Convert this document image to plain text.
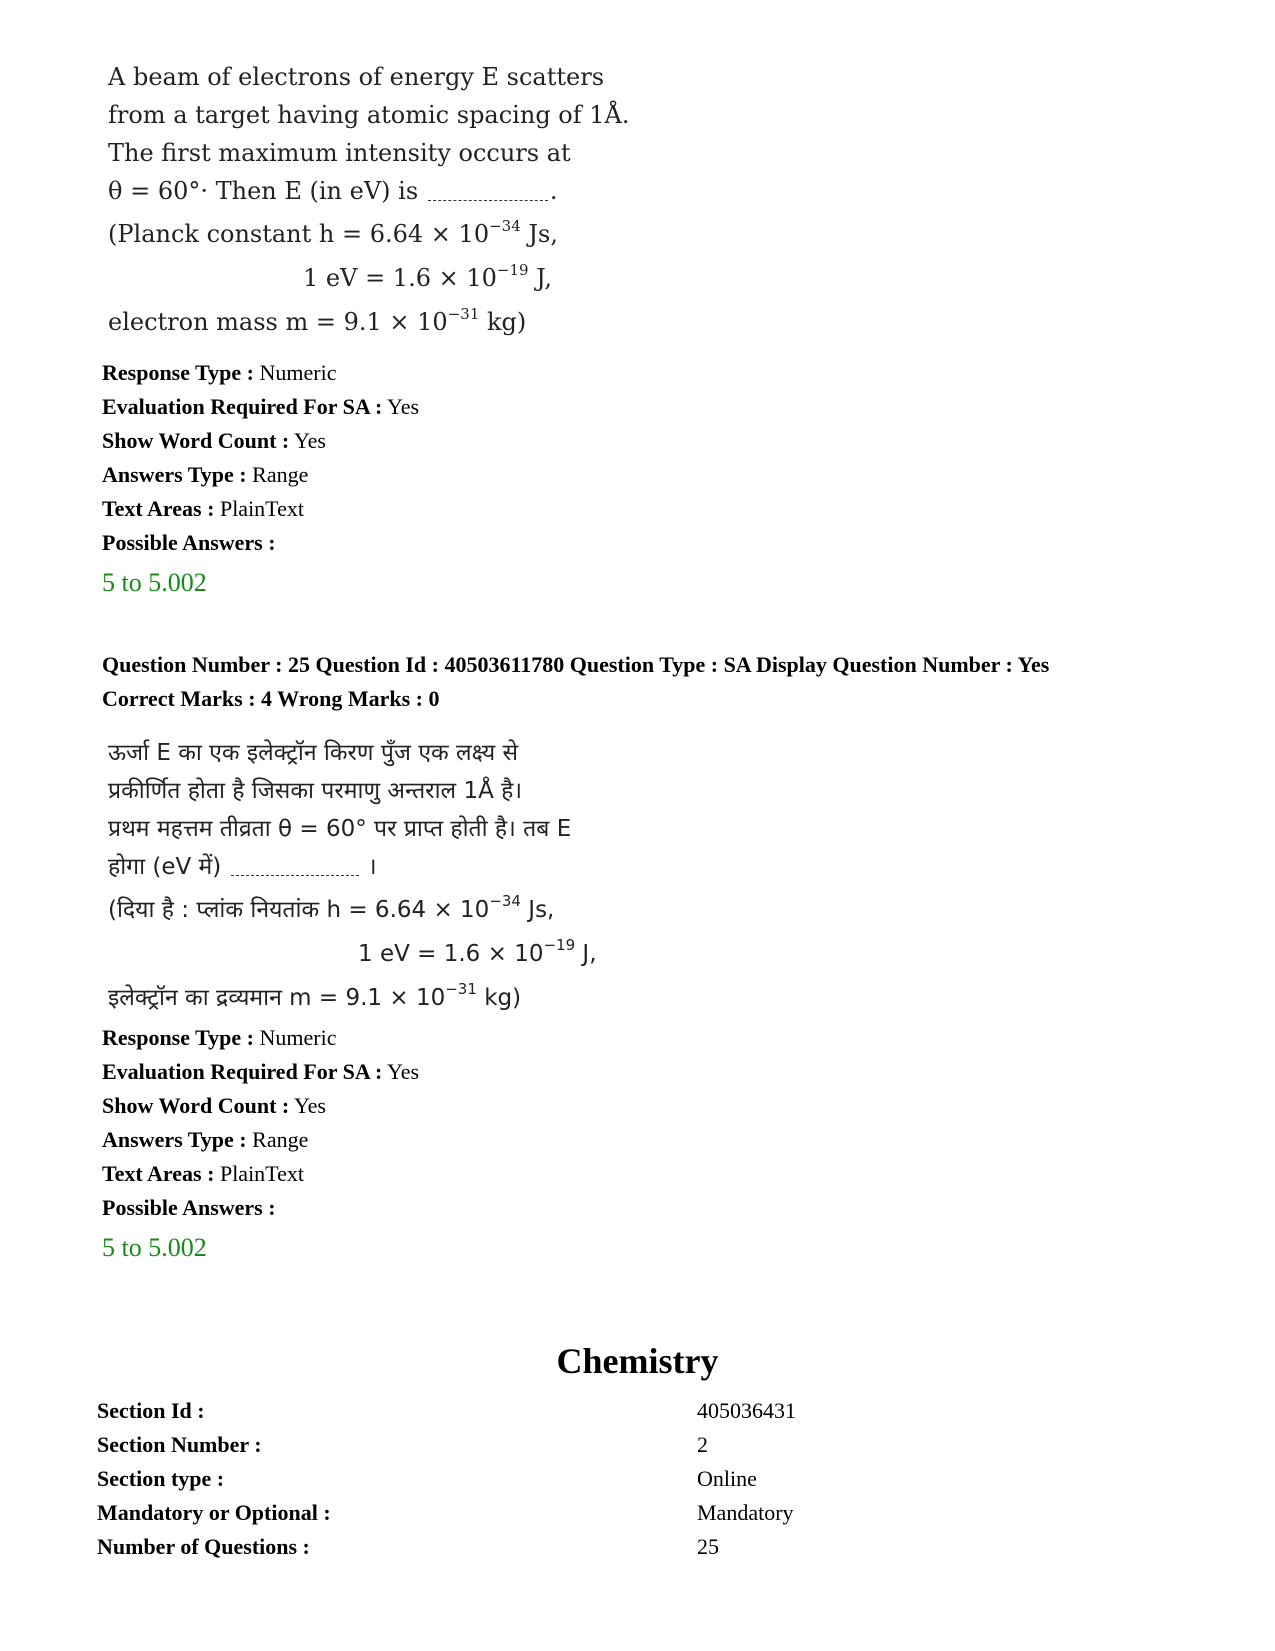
A beam of electrons of energy E scatters
from a target having atomic spacing of 1Å.
The first maximum intensity occurs at
θ = 60°· Then E (in eV) is	.
(Planck constant $h = 6.64 \times 10^{-34}$ Js,
1 eV = $1.6 \times 10^{-19}$ J,
electron mass $m = 9.1 \times 10^{-31}$ kg)
Response Type : Numeric
Evaluation Required For SA : Yes
Show Word Count : Yes
Answers Type : Range
Text Areas : PlainText
Possible Answers :
5 to 5.002
Question Number : 25 Question Id : 40503611780 Question Type : SA Display Question Number : Yes
Correct Marks : 4 Wrong Marks : 0
ऊर्जा E का एक इलेक्ट्रॉन किरण पुँज एक लक्ष्य से
प्रकीर्णित होता है जिसका परमाणु अन्तराल 1Å है।
प्रथम महत्तम तीव्रता θ = 60° पर प्राप्त होती है। तब E
होगा (eV में)	।
(दिया है : प्लांक नियतांक $h = 6.64 \times 10^{-34}$ Js,
1 eV = $1.6 \times 10^{-19}$ J,
इलेक्ट्रॉन का द्रव्यमान $m = 9.1 \times 10^{-31}$ kg)
Response Type : Numeric
Evaluation Required For SA : Yes
Show Word Count : Yes
Answers Type : Range
Text Areas : PlainText
Possible Answers :
5 to 5.002
Chemistry
Section Id :	405036431
Section Number :	2
Section type :	Online
Mandatory or Optional :	Mandatory
Number of Questions :	25
